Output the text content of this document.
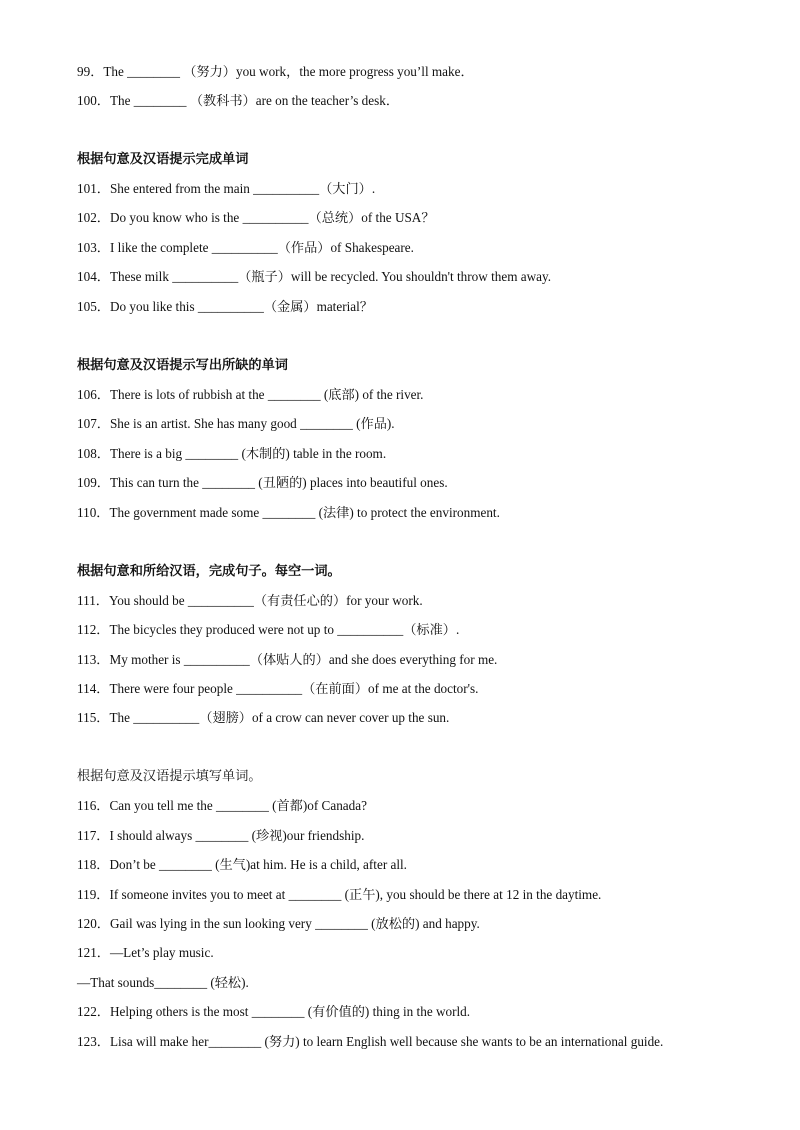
99．The ________ （努力）you work，the more progress you’ll make．
100．The ________ （教科书）are on the teacher’s desk．
根据句意及汉语提示完成单词
101．She entered from the main __________（大门）.
102．Do you know who is the __________（总统）of the USA？
103．I like the complete __________（作品）of Shakespeare.
104．These milk __________（瓶子）will be recycled. You shouldn't throw them away.
105．Do you like this __________（金属）material？
根据句意及汉语提示写出所缺的单词
106．There is lots of rubbish at the ________ (底部) of the river.
107．She is an artist. She has many good ________ (作品).
108．There is a big ________ (木制的) table in the room.
109．This can turn the ________ (丑陋的) places into beautiful ones.
110．The government made some ________ (法律) to protect the environment.
根据句意和所给汉语，完成句子。每空一词。
111．You should be __________（有责任心的）for your work.
112．The bicycles they produced were not up to __________（标准）.
113．My mother is __________（体贴人的）and she does everything for me.
114．There were four people __________（在前面）of me at the doctor's.
115．The __________（翅膀）of a crow can never cover up the sun.
根据句意及汉语提示填写单词。
116．Can you tell me the ________ (首都)of Canada?
117．I should always ________ (珍视)our friendship.
118．Don’t be ________ (生气)at him. He is a child, after all.
119．If someone invites you to meet at ________ (正午), you should be there at 12 in the daytime.
120．Gail was lying in the sun looking very ________ (放松的) and happy.
121．—Let’s play music.
—That sounds________ (轻松).
122．Helping others is the most ________ (有价值的) thing in the world.
123．Lisa will make her________ (努力) to learn English well because she wants to be an international guide.
